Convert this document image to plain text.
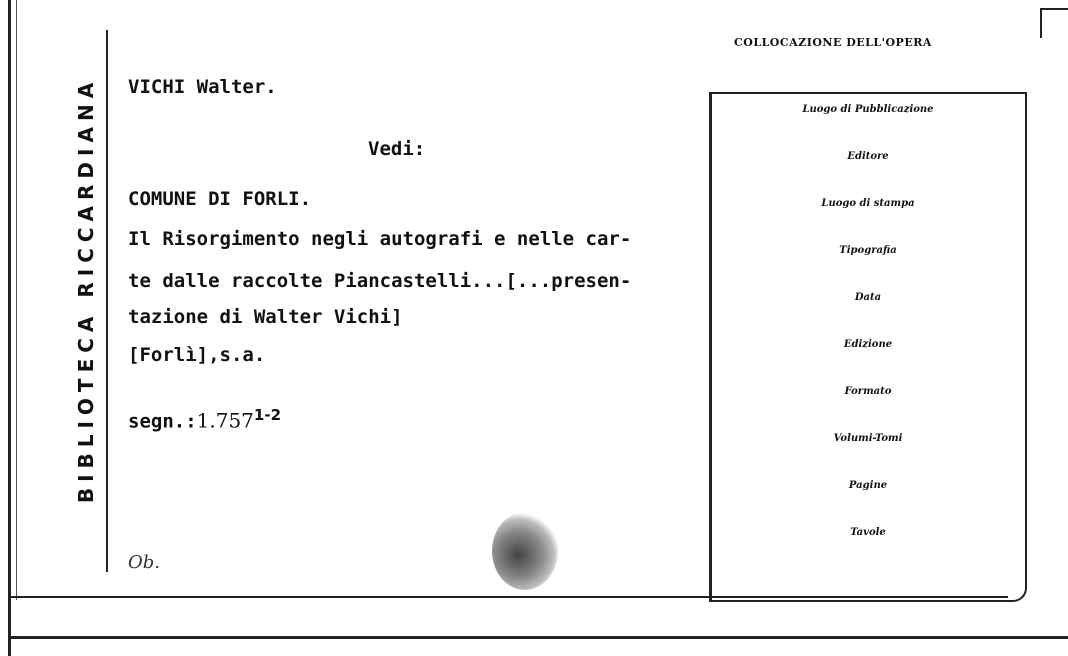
BIBLIOTECA RICCARDIANA VICHI Walter.
Vedi:
COMUNE DI FORLI.
Il Risorgimento negli autografi e nelle car-
te dalle raccolte Piancastelli...[...presen-
tazione di Walter Vichi]
[Forlì],s.a.
segn.:1.757$^{1-2}$
COLLOCAZIONE DELL'OPERA
Luogo di Pubblicazione
Editore
Luogo di stampa
Tipografia
Data
Edizione
Formato
Volumi-Tomi
Pagine
Tavole
Ob.
